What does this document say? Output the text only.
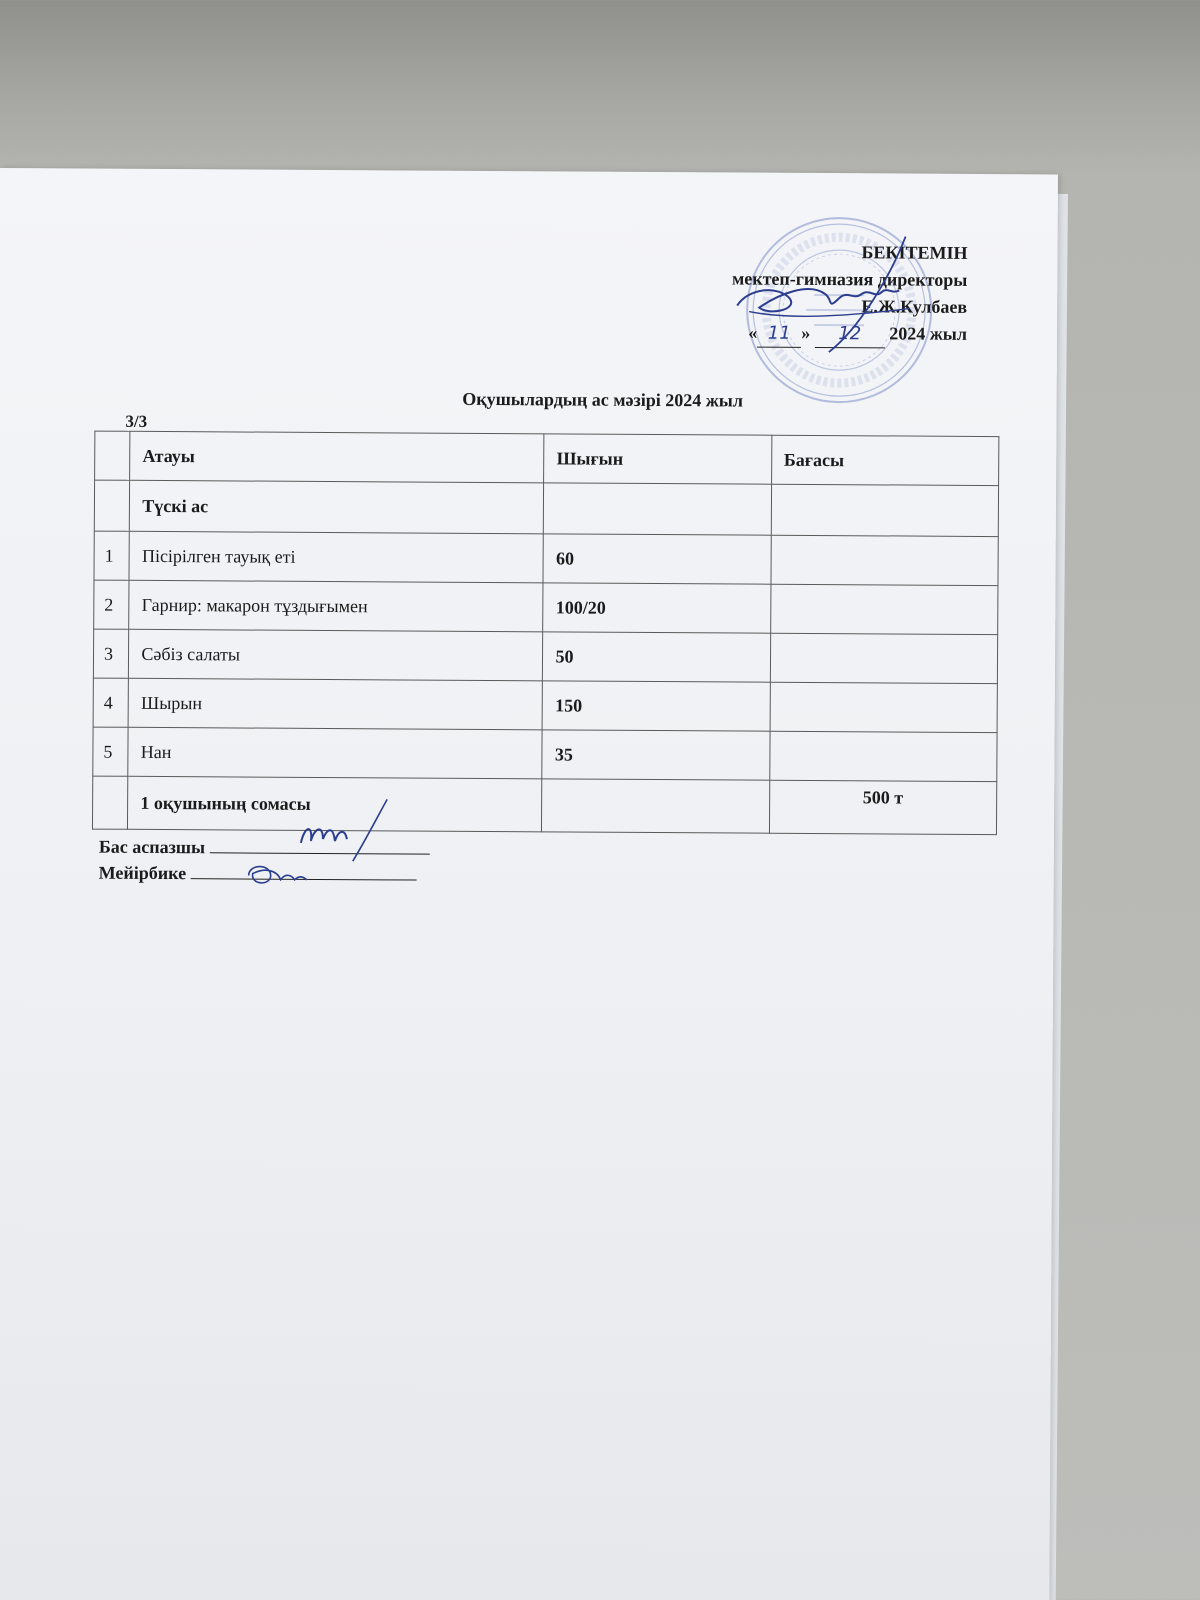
БЕКІТЕМІН
мектеп-гимназия директоры
Е.Ж.Кулбаев
« 11 » 12 2024 жыл
Оқушылардың ас мәзірі 2024 жыл
3/3
	Атауы	Шығын	Бағасы
	Түскі ас		
1	Пісірілген тауық еті	60	
2	Гарнир: макарон тұздығымен	100/20	
3	Сәбіз салаты	50	
4	Шырын	150	
5	Нан	35	
	1 оқушының сомасы		500 т
Бас аспазшы
Мейірбике
